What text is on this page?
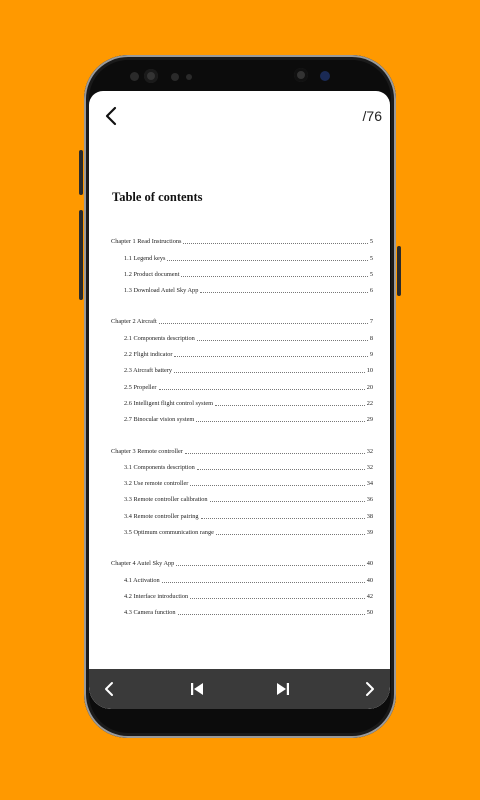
/76
Table of contents
Chapter 1 Read Instructions	5
1.1 Legend keys	5
1.2 Product document	5
1.3 Download Autel Sky App	6
Chapter 2 Aircraft	7
2.1 Components description	8
2.2 Flight indicator	9
2.3 Aircraft battery	10
2.5 Propeller	20
2.6 Intelligent flight control system	22
2.7 Binocular vision system	29
Chapter 3 Remote controller	32
3.1 Components description	32
3.2 Use remote controller	34
3.3 Remote controller calibration	36
3.4 Remote controller pairing	38
3.5 Optimum communication range	39
Chapter 4 Autel Sky App	40
4.1 Activation	40
4.2 Interface introduction	42
4.3 Camera function	50
